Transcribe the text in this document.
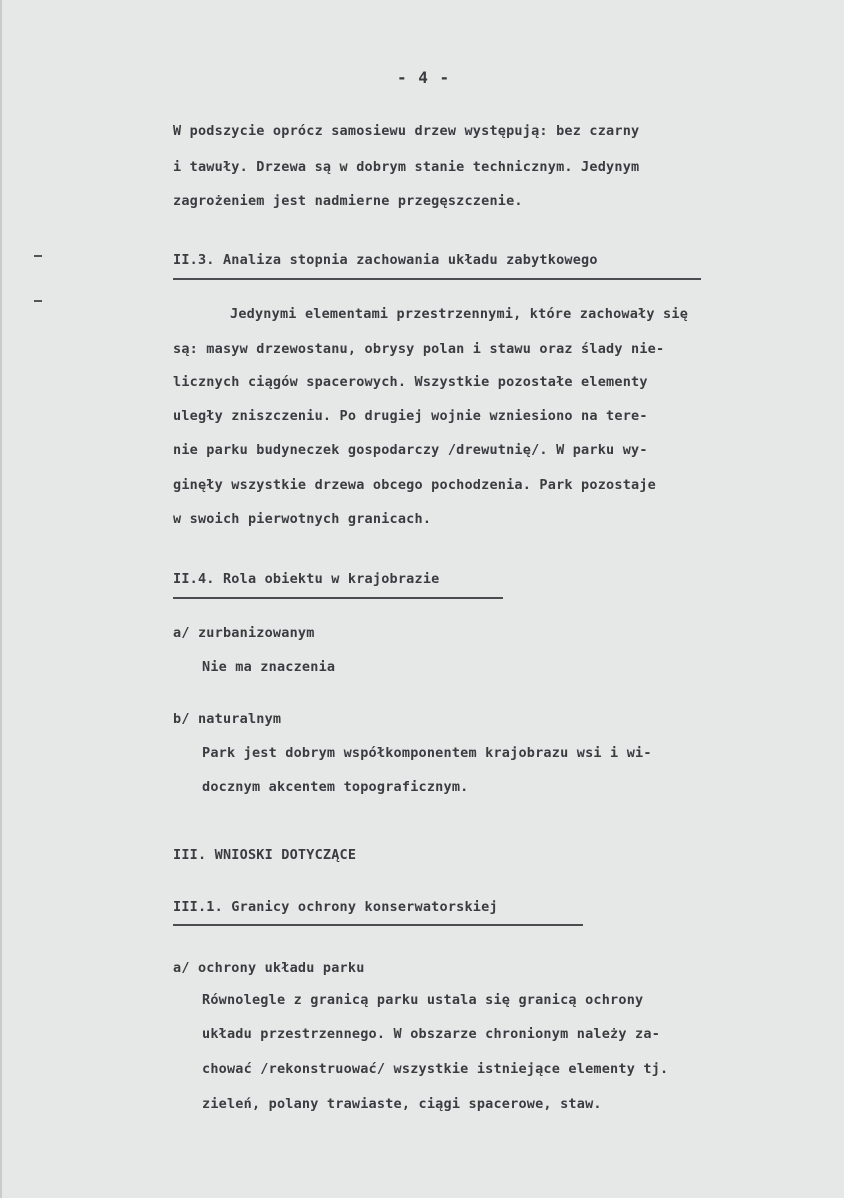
- 4 -
W podszycie oprócz samosiewu drzew występują: bez czarny
i tawuły. Drzewa są w dobrym stanie technicznym. Jedynym
zagrożeniem jest nadmierne przegęszczenie.
II.3. Analiza stopnia zachowania układu zabytkowego
Jedynymi elementami przestrzennymi, które zachowały się
są: masyw drzewostanu, obrysy polan i stawu oraz ślady nie-
licznych ciągów spacerowych. Wszystkie pozostałe elementy
uległy zniszczeniu. Po drugiej wojnie wzniesiono na tere-
nie parku budyneczek gospodarczy /drewutnię/. W parku wy-
ginęły wszystkie drzewa obcego pochodzenia. Park pozostaje
w swoich pierwotnych granicach.
II.4. Rola obiektu w krajobrazie
a/ zurbanizowanym
Nie ma znaczenia
b/ naturalnym
Park jest dobrym współkomponentem krajobrazu wsi i wi-
docznym akcentem topograficznym.
III. WNIOSKI DOTYCZĄCE
III.1. Granicy ochrony konserwatorskiej
a/ ochrony układu parku
Równolegle z granicą parku ustala się granicą ochrony
układu przestrzennego. W obszarze chronionym należy za-
chować /rekonstruować/ wszystkie istniejące elementy tj.
zieleń, polany trawiaste, ciągi spacerowe, staw.
